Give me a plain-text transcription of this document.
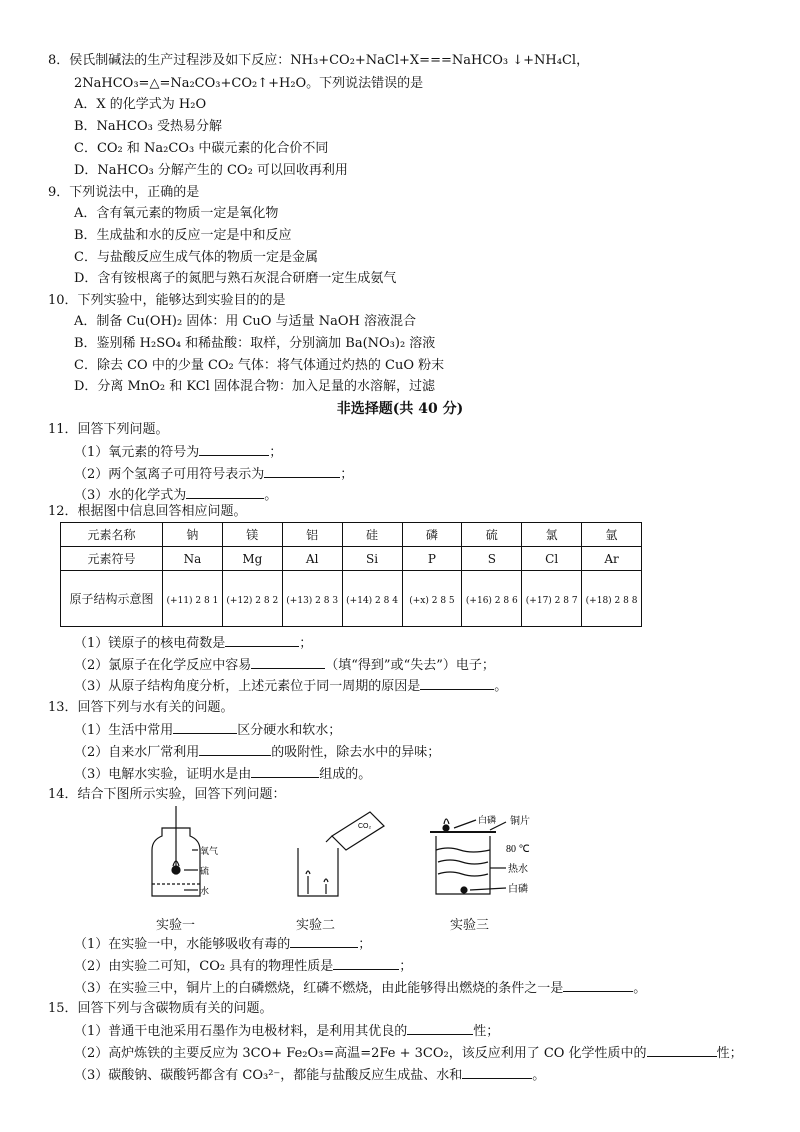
8．侯氏制碱法的生产过程涉及如下反应：NH₃+CO₂+NaCl+X===NaHCO₃ ↓+NH₄Cl，
2NaHCO₃=△=Na₂CO₃+CO₂↑+H₂O。下列说法错误的是
A．X 的化学式为 H₂O
B．NaHCO₃ 受热易分解
C．CO₂ 和 Na₂CO₃ 中碳元素的化合价不同
D．NaHCO₃ 分解产生的 CO₂ 可以回收再利用
9．下列说法中，正确的是
A．含有氧元素的物质一定是氧化物
B．生成盐和水的反应一定是中和反应
C．与盐酸反应生成气体的物质一定是金属
D．含有铵根离子的氮肥与熟石灰混合研磨一定生成氨气
10．下列实验中，能够达到实验目的的是
A．制备 Cu(OH)₂ 固体：用 CuO 与适量 NaOH 溶液混合
B．鉴别稀 H₂SO₄ 和稀盐酸：取样，分别滴加 Ba(NO₃)₂ 溶液
C．除去 CO 中的少量 CO₂ 气体：将气体通过灼热的 CuO 粉末
D．分离 MnO₂ 和 KCl 固体混合物：加入足量的水溶解，过滤
非选择题(共 40 分)
11．回答下列问题。
（1）氧元素的符号为	；
（2）两个氢离子可用符号表示为	；
（3）水的化学式为	。
12．根据图中信息回答相应问题。
元素名称	钠	镁	铝	硅	磷	硫	氯	氩
元素符号	Na	Mg	Al	Si	P	S	Cl	Ar
原子结构示意图	(+11) 2 8 1	(+12) 2 8 2	(+13) 2 8 3	(+14) 2 8 4	(+x) 2 8 5	(+16) 2 8 6	(+17) 2 8 7	(+18) 2 8 8
（1）镁原子的核电荷数是	；
（2）氯原子在化学反应中容易	（填“得到”或“失去”）电子；
（3）从原子结构角度分析，上述元素位于同一周期的原因是	。
13．回答下列与水有关的问题。
（1）生活中常用	区分硬水和软水；
（2）自来水厂常利用	的吸附性，除去水中的异味；
（3）电解水实验，证明水是由	组成的。
14．结合下图所示实验，回答下列问题：
氧气
硫
水
CO₂
白磷 铜片
80 ℃
热水
白磷
实验一	实验二	实验三
（1）在实验一中，水能够吸收有毒的	；
（2）由实验二可知，CO₂ 具有的物理性质是	；
（3）在实验三中，铜片上的白磷燃烧，红磷不燃烧，由此能够得出燃烧的条件之一是	。
15．回答下列与含碳物质有关的问题。
（1）普通干电池采用石墨作为电极材料，是利用其优良的	性；
（2）高炉炼铁的主要反应为 3CO+ Fe₂O₃=高温=2Fe + 3CO₂，该反应利用了 CO 化学性质中的	性；
（3）碳酸钠、碳酸钙都含有 CO₃²⁻，都能与盐酸反应生成盐、水和	。
